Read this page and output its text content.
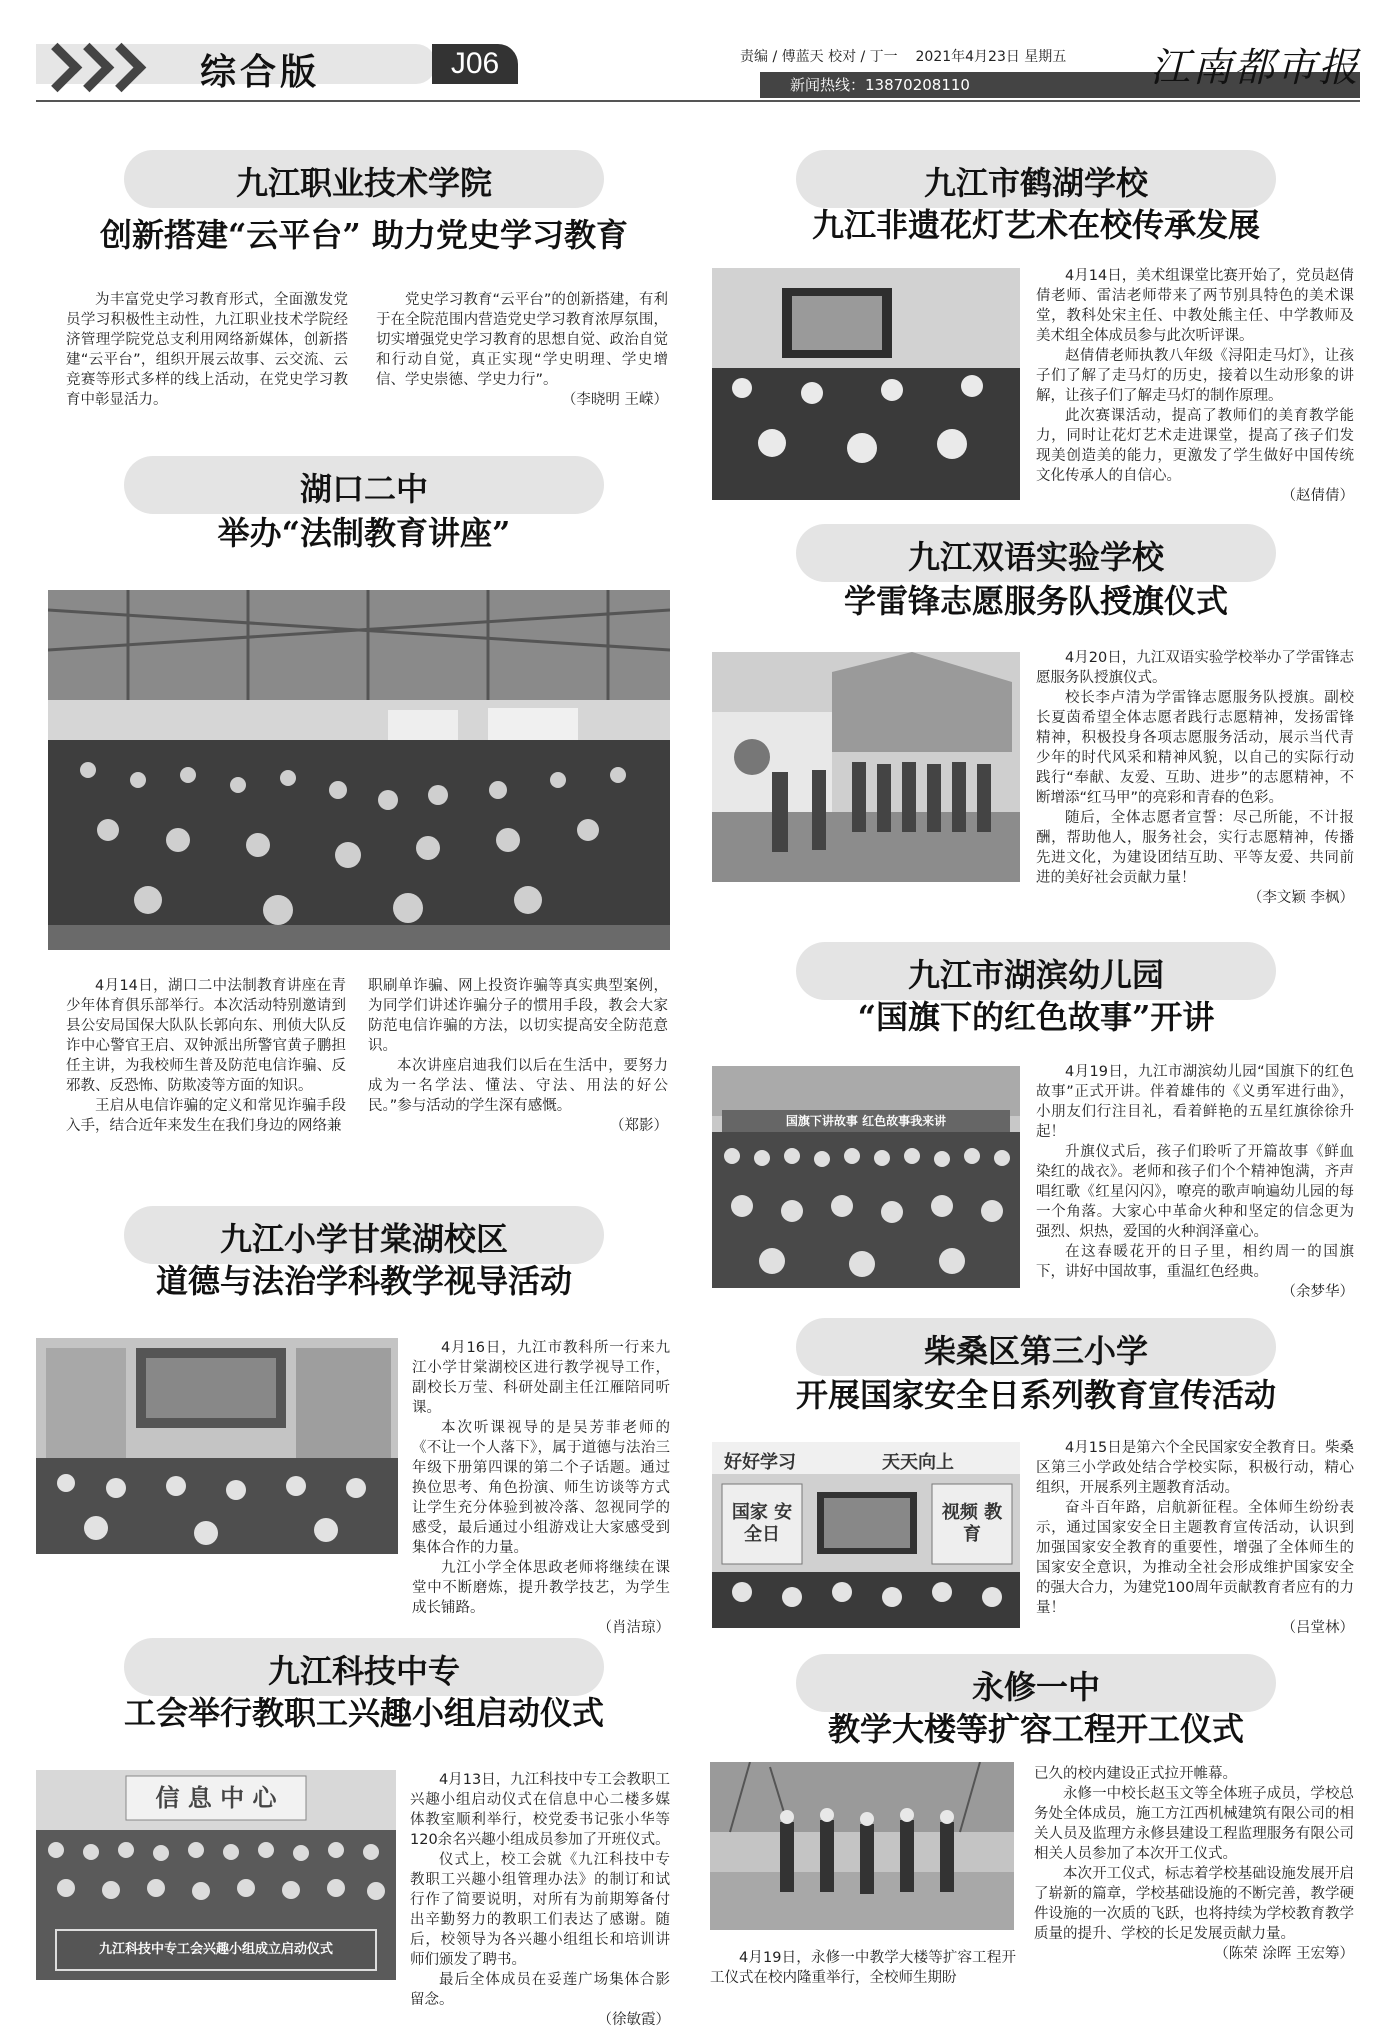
综合版	J06	责编 / 傅蓝天 校对 / 丁一 2021年4月23日 星期五
新闻热线：13870208110	江南都市报
九江职业技术学院
创新搭建“云平台” 助力党史学习教育

为丰富党史学习教育形式，全面激发党员学习积极性主动性，九江职业技术学院经济管理学院党总支利用网络新媒体，创新搭建“云平台”，组织开展云故事、云交流、云竞赛等形式多样的线上活动，在党史学习教育中彰显活力。

党史学习教育“云平台”的创新搭建，有利于在全院范围内营造党史学习教育浓厚氛围，切实增强党史学习教育的思想自觉、政治自觉和行动自觉，真正实现“学史明理、学史增信、学史崇德、学史力行”。

（李晓明 王嵘）

湖口二中
举办“法制教育讲座”

4月14日，湖口二中法制教育讲座在青少年体育俱乐部举行。本次活动特别邀请到县公安局国保大队队长郭向东、刑侦大队反诈中心警官王启、双钟派出所警官黄子鹏担任主讲，为我校师生普及防范电信诈骗、反邪教、反恐怖、防欺凌等方面的知识。

王启从电信诈骗的定义和常见诈骗手段入手，结合近年来发生在我们身边的网络兼

职刷单诈骗、网上投资诈骗等真实典型案例，为同学们讲述诈骗分子的惯用手段，教会大家防范电信诈骗的方法，以切实提高安全防范意识。

本次讲座启迪我们以后在生活中，要努力成为一名学法、懂法、守法、用法的好公民。”参与活动的学生深有感慨。

（郑影）

九江小学甘棠湖校区
道德与法治学科教学视导活动

4月16日，九江市教科所一行来九江小学甘棠湖校区进行教学视导工作，副校长万莹、科研处副主任江雁陪同听课。

本次听课视导的是吴芳菲老师的《不让一个人落下》，属于道德与法治三年级下册第四课的第二个子话题。通过换位思考、角色扮演、师生访谈等方式让学生充分体验到被冷落、忽视同学的感受，最后通过小组游戏让大家感受到集体合作的力量。

九江小学全体思政老师将继续在课堂中不断磨炼，提升教学技艺，为学生成长铺路。

（肖洁琼）

九江科技中专
工会举行教职工兴趣小组启动仪式
信 息 中 心
九江科技中专工会兴趣小组成立启动仪式

4月13日，九江科技中专工会教职工兴趣小组启动仪式在信息中心二楼多媒体教室顺利举行，校党委书记张小华等120余名兴趣小组成员参加了开班仪式。

仪式上，校工会就《九江科技中专教职工兴趣小组管理办法》的制订和试行作了简要说明，对所有为前期筹备付出辛勤努力的教职工们表达了感谢。随后，校领导为各兴趣小组组长和培训讲师们颁发了聘书。

最后全体成员在妥莲广场集体合影留念。

（徐敏霞）

九江市鹤湖学校
九江非遗花灯艺术在校传承发展

4月14日，美术组课堂比赛开始了，党员赵倩倩老师、雷洁老师带来了两节别具特色的美术课堂，教科处宋主任、中教处熊主任、中学教师及美术组全体成员参与此次听评课。

赵倩倩老师执教八年级《浔阳走马灯》，让孩子们了解了走马灯的历史，接着以生动形象的讲解，让孩子们了解走马灯的制作原理。

此次赛课活动，提高了教师们的美育教学能力，同时让花灯艺术走进课堂，提高了孩子们发现美创造美的能力，更激发了学生做好中国传统文化传承人的自信心。

（赵倩倩）

九江双语实验学校
学雷锋志愿服务队授旗仪式

4月20日，九江双语实验学校举办了学雷锋志愿服务队授旗仪式。

校长李卢清为学雷锋志愿服务队授旗。副校长夏茵希望全体志愿者践行志愿精神，发扬雷锋精神，积极投身各项志愿服务活动，展示当代青少年的时代风采和精神风貌，以自己的实际行动践行“奉献、友爱、互助、进步”的志愿精神，不断增添“红马甲”的亮彩和青春的色彩。

随后，全体志愿者宣誓：尽己所能，不计报酬，帮助他人，服务社会，实行志愿精神，传播先进文化，为建设团结互助、平等友爱、共同前进的美好社会贡献力量！

（李文颖 李枫）

九江市湖滨幼儿园
“国旗下的红色故事”开讲
国旗下讲故事 红色故事我来讲

4月19日，九江市湖滨幼儿园“国旗下的红色故事”正式开讲。伴着雄伟的《义勇军进行曲》，小朋友们行注目礼，看着鲜艳的五星红旗徐徐升起！

升旗仪式后，孩子们聆听了开篇故事《鲜血染红的战衣》。老师和孩子们个个精神饱满，齐声唱红歌《红星闪闪》，嘹亮的歌声响遍幼儿园的每一个角落。大家心中革命火种和坚定的信念更为强烈、炽热，爱国的火种润泽童心。

在这春暖花开的日子里，相约周一的国旗下，讲好中国故事，重温红色经典。

（余梦华）

柴桑区第三小学
开展国家安全日系列教育宣传活动
好好学习	天天向上
国家 安全日
视频 教育

4月15日是第六个全民国家安全教育日。柴桑区第三小学政处结合学校实际，积极行动，精心组织，开展系列主题教育活动。

奋斗百年路，启航新征程。全体师生纷纷表示，通过国家安全日主题教育宣传活动，认识到加强国家安全教育的重要性，增强了全体师生的国家安全意识，为推动全社会形成维护国家安全的强大合力，为建党100周年贡献教育者应有的力量！

（吕堂林）

永修一中
教学大楼等扩容工程开工仪式

4月19日，永修一中教学大楼等扩容工程开工仪式在校内隆重举行，全校师生期盼

已久的校内建设正式拉开帷幕。

永修一中校长赵玉文等全体班子成员，学校总务处全体成员，施工方江西机械建筑有限公司的相关人员及监理方永修县建设工程监理服务有限公司相关人员参加了本次开工仪式。

本次开工仪式，标志着学校基础设施发展开启了崭新的篇章，学校基础设施的不断完善，教学硬件设施的一次质的飞跃，也将持续为学校教育教学质量的提升、学校的长足发展贡献力量。

（陈荣 涂晖 王宏筹）
